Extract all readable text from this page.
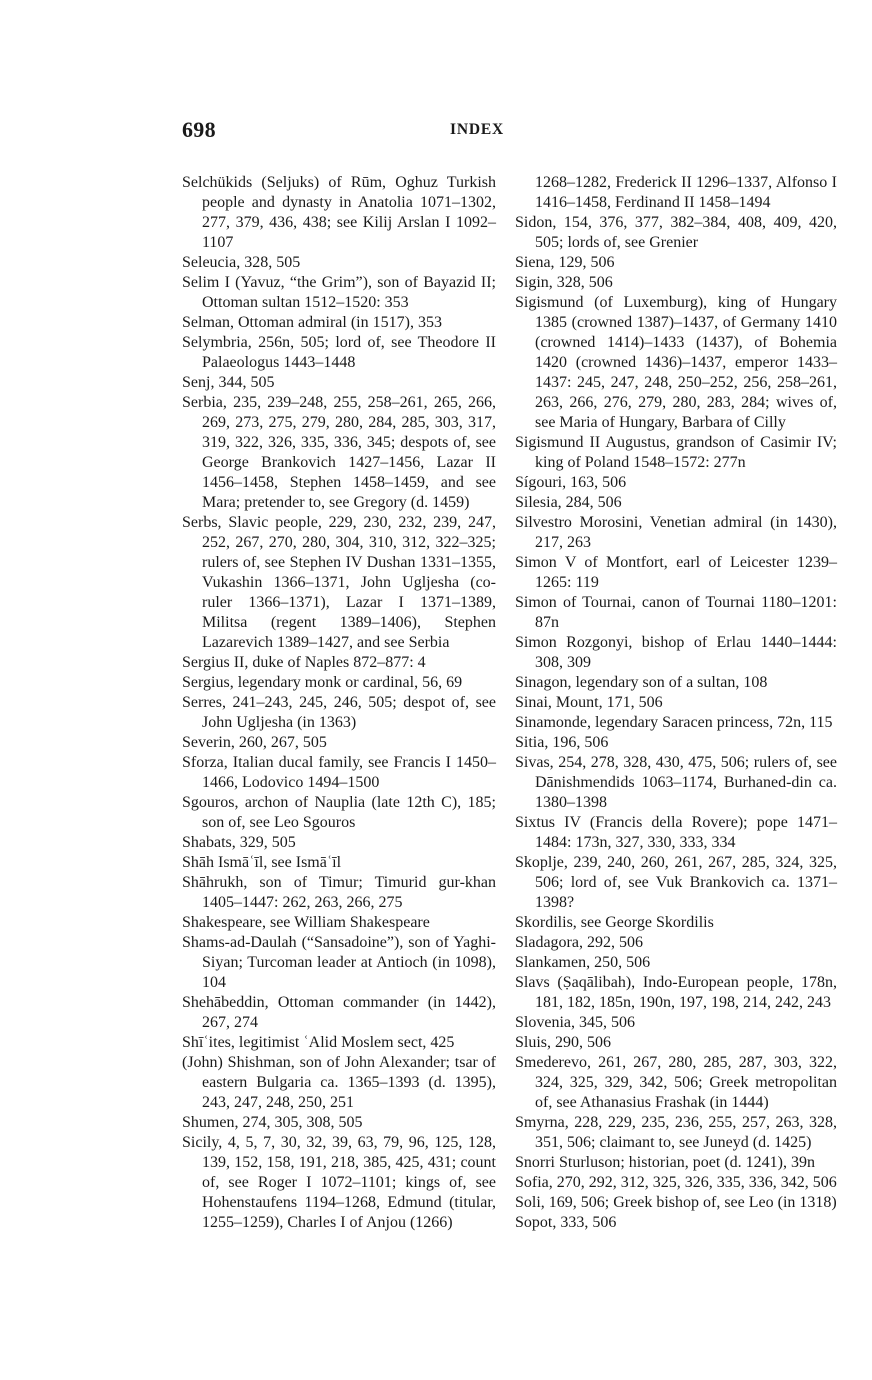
698	INDEX

Selchükids (Seljuks) of Rūm, Oghuz Turkish people and dynasty in Anatolia 1071–1302, 277, 379, 436, 438; see Kilij Arslan I 1092–1107

Seleucia, 328, 505

Selim I (Yavuz, “the Grim”), son of Bayazid II; Ottoman sultan 1512–1520: 353

Selman, Ottoman admiral (in 1517), 353

Selymbria, 256n, 505; lord of, see Theodore II Palaeologus 1443–1448

Senj, 344, 505

Serbia, 235, 239–248, 255, 258–261, 265, 266, 269, 273, 275, 279, 280, 284, 285, 303, 317, 319, 322, 326, 335, 336, 345; despots of, see George Brankovich 1427–1456, Lazar II 1456–1458, Stephen 1458–1459, and see Mara; pretender to, see Gregory (d. 1459)

Serbs, Slavic people, 229, 230, 232, 239, 247, 252, 267, 270, 280, 304, 310, 312, 322–325; rulers of, see Stephen IV Dushan 1331–1355, Vukashin 1366–1371, John Ugljesha (co-ruler 1366–1371), Lazar I 1371–1389, Militsa (regent 1389–1406), Stephen Lazarevich 1389–1427, and see Serbia

Sergius II, duke of Naples 872–877: 4

Sergius, legendary monk or cardinal, 56, 69

Serres, 241–243, 245, 246, 505; despot of, see John Ugljesha (in 1363)

Severin, 260, 267, 505

Sforza, Italian ducal family, see Francis I 1450–1466, Lodovico 1494–1500

Sgouros, archon of Nauplia (late 12th C), 185; son of, see Leo Sgouros

Shabats, 329, 505

Shāh Ismāʿīl, see Ismāʿīl

Shāhrukh, son of Timur; Timurid gur-khan 1405–1447: 262, 263, 266, 275

Shakespeare, see William Shakespeare

Shams-ad-Daulah (“Sansadoine”), son of Yaghi-Siyan; Turcoman leader at Antioch (in 1098), 104

Shehābeddin, Ottoman commander (in 1442), 267, 274

Shīʿites, legitimist ʿAlid Moslem sect, 425

(John) Shishman, son of John Alexander; tsar of eastern Bulgaria ca. 1365–1393 (d. 1395), 243, 247, 248, 250, 251

Shumen, 274, 305, 308, 505

Sicily, 4, 5, 7, 30, 32, 39, 63, 79, 96, 125, 128, 139, 152, 158, 191, 218, 385, 425, 431; count of, see Roger I 1072–1101; kings of, see Hohenstaufens 1194–1268, Edmund (titular, 1255–1259), Charles I of Anjou (1266)

1268–1282, Frederick II 1296–1337, Alfonso I 1416–1458, Ferdinand II 1458–1494

Sidon, 154, 376, 377, 382–384, 408, 409, 420, 505; lords of, see Grenier

Siena, 129, 506

Sigin, 328, 506

Sigismund (of Luxemburg), king of Hungary 1385 (crowned 1387)–1437, of Germany 1410 (crowned 1414)–1433 (1437), of Bohemia 1420 (crowned 1436)–1437, emperor 1433–1437: 245, 247, 248, 250–252, 256, 258–261, 263, 266, 276, 279, 280, 283, 284; wives of, see Maria of Hungary, Barbara of Cilly

Sigismund II Augustus, grandson of Casimir IV; king of Poland 1548–1572: 277n

Sígouri, 163, 506

Silesia, 284, 506

Silvestro Morosini, Venetian admiral (in 1430), 217, 263

Simon V of Montfort, earl of Leicester 1239–1265: 119

Simon of Tournai, canon of Tournai 1180–1201: 87n

Simon Rozgonyi, bishop of Erlau 1440–1444: 308, 309

Sinagon, legendary son of a sultan, 108

Sinai, Mount, 171, 506

Sinamonde, legendary Saracen princess, 72n, 115

Sitia, 196, 506

Sivas, 254, 278, 328, 430, 475, 506; rulers of, see Dānishmendids 1063–1174, Burhaned-din ca. 1380–1398

Sixtus IV (Francis della Rovere); pope 1471–1484: 173n, 327, 330, 333, 334

Skoplje, 239, 240, 260, 261, 267, 285, 324, 325, 506; lord of, see Vuk Brankovich ca. 1371–1398?

Skordilis, see George Skordilis

Sladagora, 292, 506

Slankamen, 250, 506

Slavs (Ṣaqālibah), Indo-European people, 178n, 181, 182, 185n, 190n, 197, 198, 214, 242, 243

Slovenia, 345, 506

Sluis, 290, 506

Smederevo, 261, 267, 280, 285, 287, 303, 322, 324, 325, 329, 342, 506; Greek metropolitan of, see Athanasius Frashak (in 1444)

Smyrna, 228, 229, 235, 236, 255, 257, 263, 328, 351, 506; claimant to, see Juneyd (d. 1425)

Snorri Sturluson; historian, poet (d. 1241), 39n

Sofia, 270, 292, 312, 325, 326, 335, 336, 342, 506

Soli, 169, 506; Greek bishop of, see Leo (in 1318)

Sopot, 333, 506
